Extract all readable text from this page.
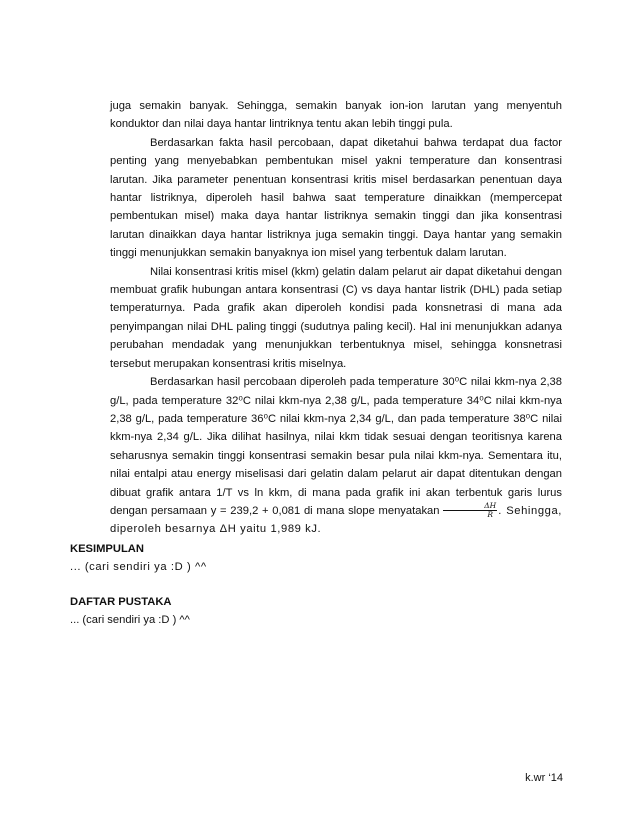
juga semakin banyak. Sehingga, semakin banyak ion-ion larutan yang menyentuh konduktor dan nilai daya hantar lintriknya tentu akan lebih tinggi pula.

Berdasarkan fakta hasil percobaan, dapat diketahui bahwa terdapat dua factor penting yang menyebabkan pembentukan misel yakni temperature dan konsentrasi larutan. Jika parameter penentuan konsentrasi kritis misel berdasarkan penentuan daya hantar listriknya, diperoleh hasil bahwa saat temperature dinaikkan (mempercepat pembentukan misel) maka daya hantar listriknya semakin tinggi dan jika konsentrasi larutan dinaikkan daya hantar listriknya juga semakin tinggi. Daya hantar yang semakin tinggi menunjukkan semakin banyaknya ion misel yang terbentuk dalam larutan.

Nilai konsentrasi kritis misel (kkm) gelatin dalam pelarut air dapat diketahui dengan membuat grafik hubungan antara konsentrasi (C) vs daya hantar listrik (DHL) pada setiap temperaturnya. Pada grafik akan diperoleh kondisi pada konsnetrasi di mana ada penyimpangan nilai DHL paling tinggi (sudutnya paling kecil). Hal ini menunjukkan adanya perubahan mendadak yang menunjukkan terbentuknya misel, sehingga konsnetrasi tersebut merupakan konsentrasi kritis miselnya.

Berdasarkan hasil percobaan diperoleh pada temperature 30⁰C nilai kkm-nya 2,38 g/L, pada temperature 32⁰C nilai kkm-nya 2,38 g/L, pada temperature 34⁰C nilai kkm-nya 2,38 g/L, pada temperature 36⁰C nilai kkm-nya 2,34 g/L, dan pada temperature 38⁰C nilai kkm-nya 2,34 g/L. Jika dilihat hasilnya, nilai kkm tidak sesuai dengan teoritisnya karena seharusnya semakin tinggi konsentrasi semakin besar pula nilai kkm-nya. Sementara itu, nilai entalpi atau energy miselisasi dari gelatin dalam pelarut air dapat ditentukan dengan dibuat grafik antara 1/T vs ln kkm, di mana pada grafik ini akan terbentuk garis lurus dengan persamaan y = 239,2 + 0,081 di mana slope menyatakan $\frac{\Delta H}{R}$ . Sehingga, diperoleh besarnya ΔH yaitu 1,989 kJ.

KESIMPULAN

... (cari sendiri ya :D ) ^^

DAFTAR PUSTAKA

... (cari sendiri ya :D ) ^^

k.wr ‘14
